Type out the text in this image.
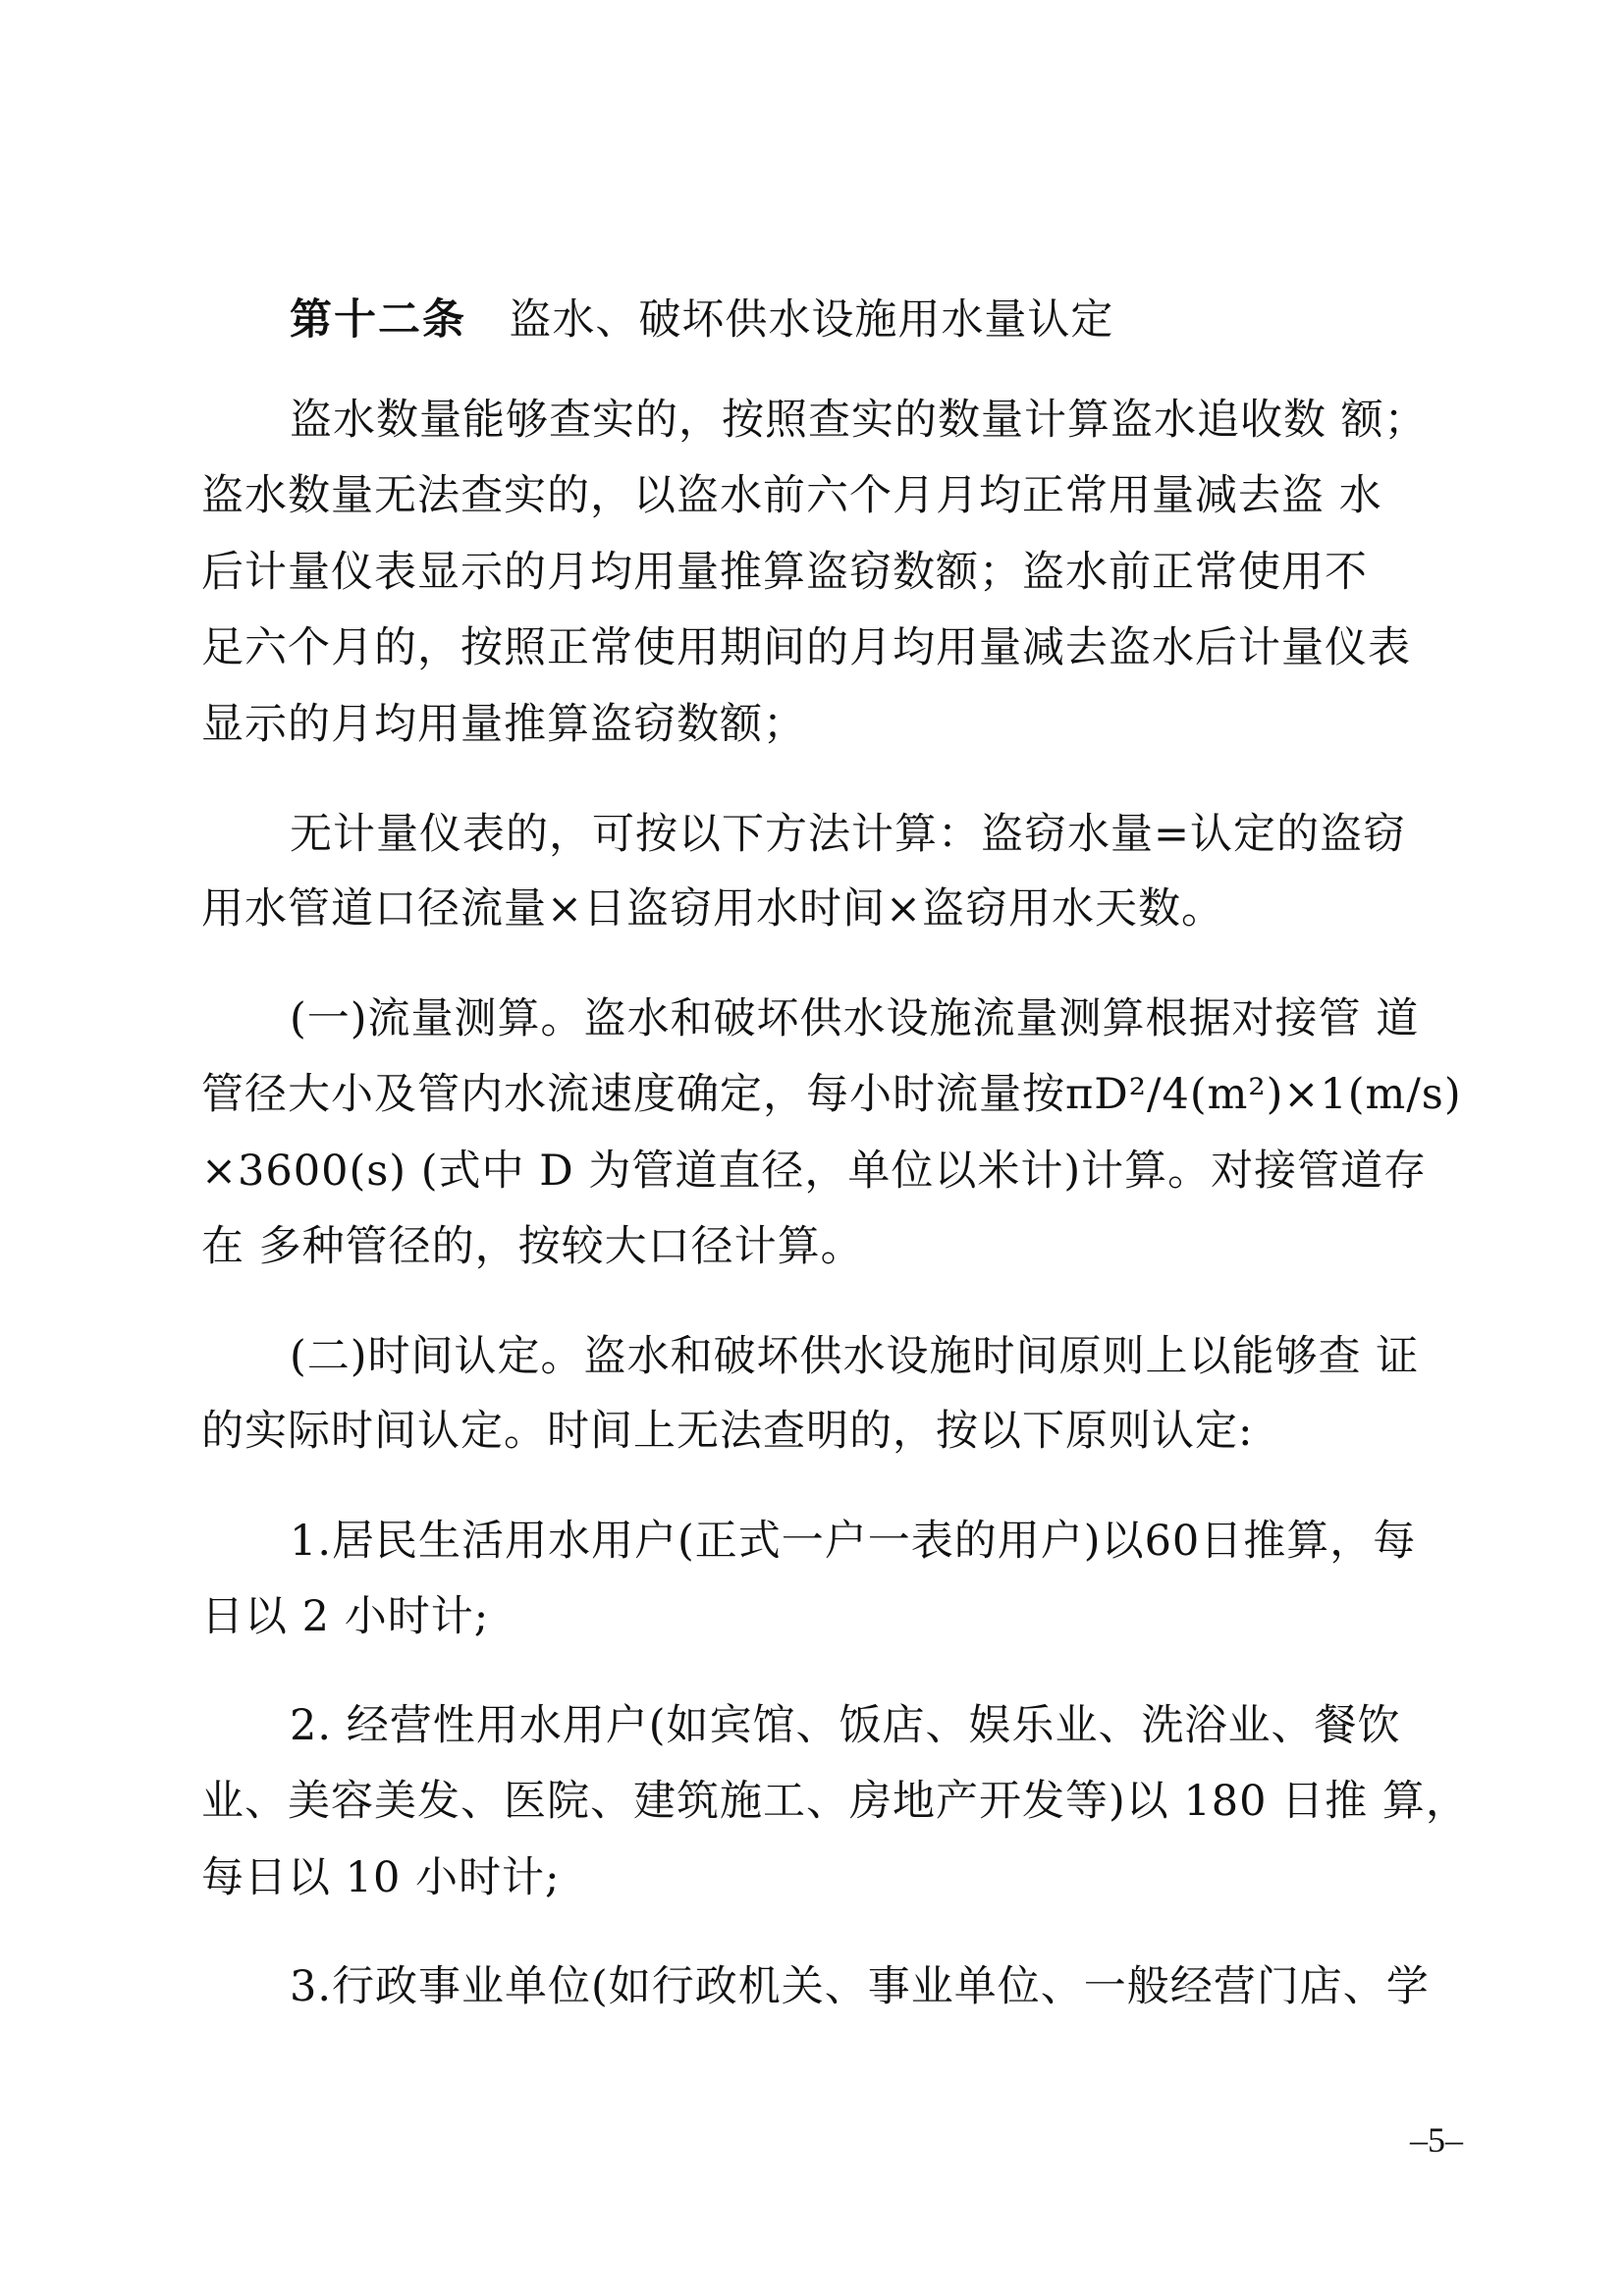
第十二条 盗水、破坏供水设施用水量认定
盗水数量能够查实的，按照查实的数量计算盗水追收数 额；
盗水数量无法查实的，以盗水前六个月月均正常用量减去盗 水
后计量仪表显示的月均用量推算盗窃数额；盗水前正常使用不
足六个月的，按照正常使用期间的月均用量减去盗水后计量仪表
显示的月均用量推算盗窃数额；
无计量仪表的，可按以下方法计算：盗窃水量=认定的盗窃
用水管道口径流量×日盗窃用水时间×盗窃用水天数。
(一)流量测算。盗水和破坏供水设施流量测算根据对接管 道
管径大小及管内水流速度确定，每小时流量按πD²/4(m²)×1(m/s)
×3600(s) (式中 D 为管道直径，单位以米计)计算。对接管道存
在 多种管径的，按较大口径计算。
(二)时间认定。盗水和破坏供水设施时间原则上以能够查 证
的实际时间认定。时间上无法查明的，按以下原则认定:
1.居民生活用水用户(正式一户一表的用户)以60日推算，每
日以 2 小时计;
2. 经营性用水用户(如宾馆、饭店、娱乐业、洗浴业、餐饮
业、美容美发、医院、建筑施工、房地产开发等)以 180 日推 算，
每日以 10 小时计;
3.行政事业单位(如行政机关、事业单位、一般经营门店、学
–5–
